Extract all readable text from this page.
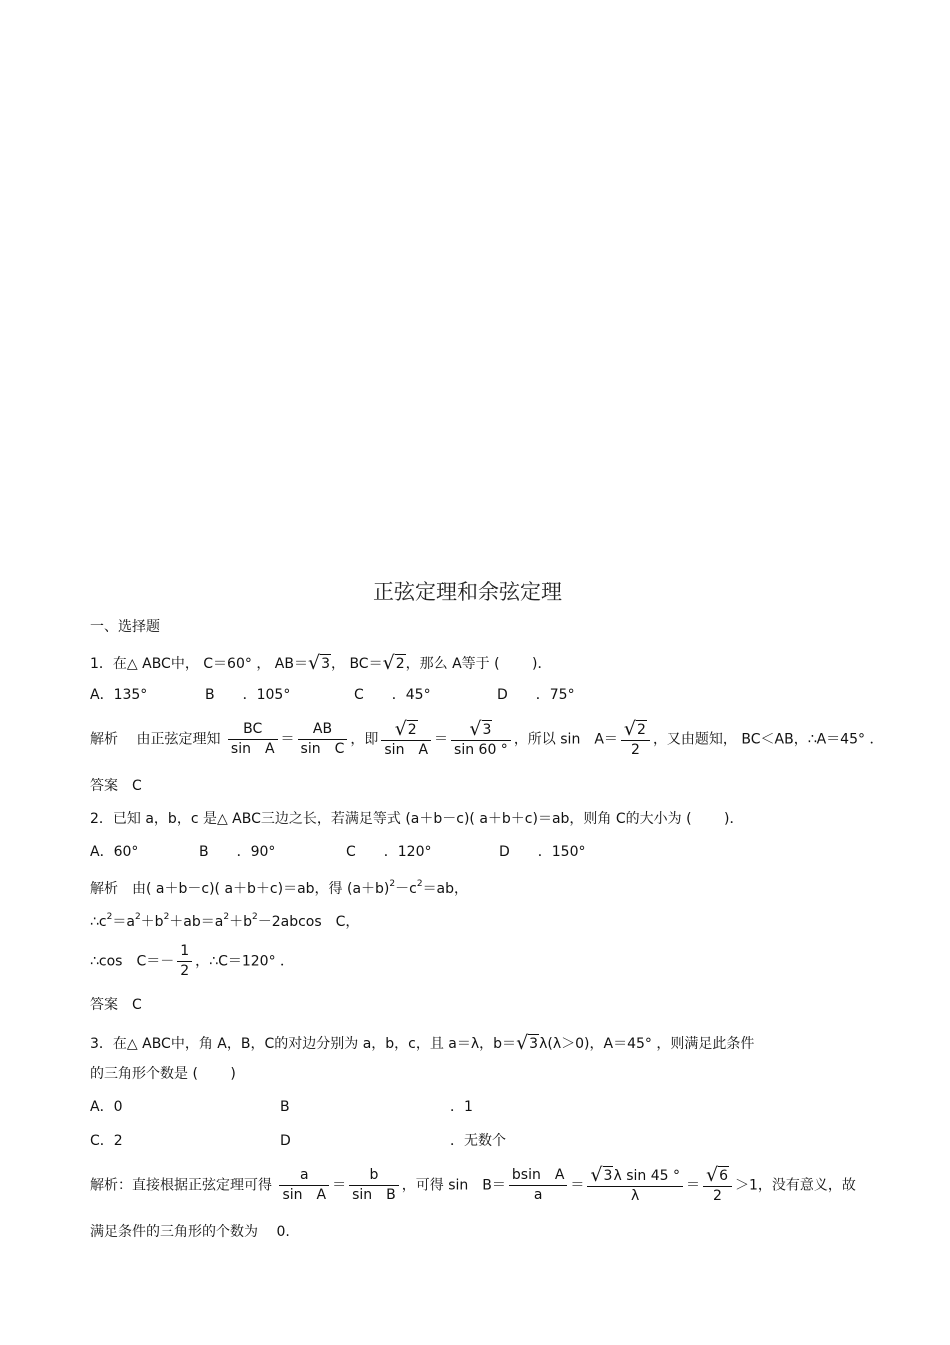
正弦定理和余弦定理
一、选择题
1．在△ ABC中， C＝60° ， AB＝√3， BC＝√2，那么 A等于 (　　 )．
A．135°	B　　．105°	C　　．45°	D　　．75°
解析　 由正弦定理知 $\frac{BC}{\text{sin　A}} = \frac{AB}{\text{sin　C}}$ ，即 $\frac{√2}{\text{sin　A}} = \frac{√3}{\sin 60 ^\circ}$ ，所以 sin　$A= \frac{√2}{2}$ ，又由题知， BC＜AB，∴A＝45° ．
答案　C
2．已知 a，b，c 是△ ABC三边之长，若满足等式 (a＋b－c)( a＋b＋c)＝ab，则角 C的大小为 (　　 )．
A．60°	B　　．90°	C　　．120°	D　　．150°
解析　由( a＋b－c)( a＋b＋c)＝ab，得 $(a+b)^2-c^2=ab$，
$\therefore c^2=a^2+b^2+ab=a^2+b^2-2abcos$　C，
∴cos　$C=- \frac{1}{2}$ ，∴C＝120° ．
答案　C
3．在△ ABC中，角 A，B，C的对边分别为 a，b，c，且 a＝λ，b＝√3λ(λ＞0)，A＝45° ，则满足此条件
的三角形个数是 (　　 )
A．0	B	．1
C．2	D	．无数个
解析：直接根据正弦定理可得 $\frac{a}{\text{sin　A}} = \frac{b}{\text{sin　B}}$ ，可得 sin　$B= \frac{\text{bsin　A}}{a} = \frac{\text{√3λ sin 45 °}}{\lambda} = \frac{√6}{2} >1$，没有意义，故
满足条件的三角形的个数为　 0.
